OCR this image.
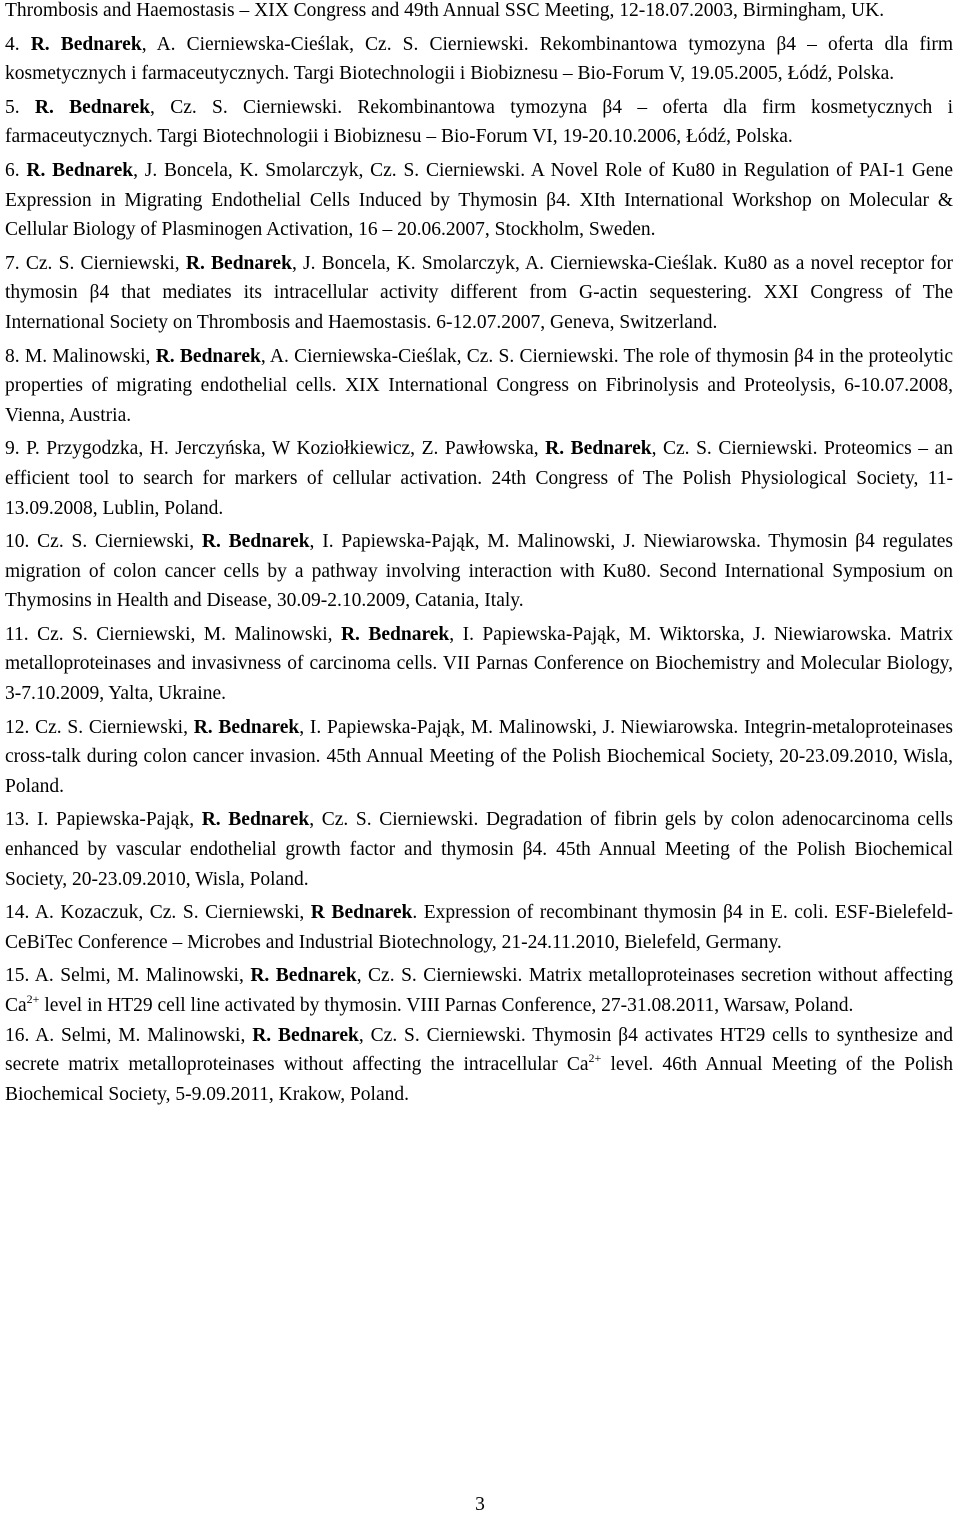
Thrombosis and Haemostasis – XIX Congress and 49th Annual SSC Meeting, 12-18.07.2003, Birmingham, UK.

4. R. Bednarek, A. Cierniewska-Cieślak, Cz. S. Cierniewski. Rekombinantowa tymozyna β4 – oferta dla firm kosmetycznych i farmaceutycznych. Targi Biotechnologii i Biobiznesu – Bio-Forum V, 19.05.2005, Łódź, Polska.

5. R. Bednarek, Cz. S. Cierniewski. Rekombinantowa tymozyna β4 – oferta dla firm kosmetycznych i farmaceutycznych. Targi Biotechnologii i Biobiznesu – Bio-Forum VI, 19-20.10.2006, Łódź, Polska.

6. R. Bednarek, J. Boncela, K. Smolarczyk, Cz. S. Cierniewski. A Novel Role of Ku80 in Regulation of PAI-1 Gene Expression in Migrating Endothelial Cells Induced by Thymosin β4. XIth International Workshop on Molecular & Cellular Biology of Plasminogen Activation, 16 – 20.06.2007, Stockholm, Sweden.

7. Cz. S. Cierniewski, R. Bednarek, J. Boncela, K. Smolarczyk, A. Cierniewska-Cieślak. Ku80 as a novel receptor for thymosin β4 that mediates its intracellular activity different from G-actin sequestering. XXI Congress of The International Society on Thrombosis and Haemostasis. 6-12.07.2007, Geneva, Switzerland.

8. M. Malinowski, R. Bednarek, A. Cierniewska-Cieślak, Cz. S. Cierniewski. The role of thymosin β4 in the proteolytic properties of migrating endothelial cells. XIX International Congress on Fibrinolysis and Proteolysis, 6-10.07.2008, Vienna, Austria.

9. P. Przygodzka, H. Jerczyńska, W Koziołkiewicz, Z. Pawłowska, R. Bednarek, Cz. S. Cierniewski. Proteomics – an efficient tool to search for markers of cellular activation. 24th Congress of The Polish Physiological Society, 11-13.09.2008, Lublin, Poland.

10. Cz. S. Cierniewski, R. Bednarek, I. Papiewska-Pająk, M. Malinowski, J. Niewiarowska. Thymosin β4 regulates migration of colon cancer cells by a pathway involving interaction with Ku80. Second International Symposium on Thymosins in Health and Disease, 30.09-2.10.2009, Catania, Italy.

11. Cz. S. Cierniewski, M. Malinowski, R. Bednarek, I. Papiewska-Pająk, M. Wiktorska, J. Niewiarowska. Matrix metalloproteinases and invasivness of carcinoma cells. VII Parnas Conference on Biochemistry and Molecular Biology, 3-7.10.2009, Yalta, Ukraine.

12. Cz. S. Cierniewski, R. Bednarek, I. Papiewska-Pająk, M. Malinowski, J. Niewiarowska. Integrin-metaloproteinases cross-talk during colon cancer invasion. 45th Annual Meeting of the Polish Biochemical Society, 20-23.09.2010, Wisla, Poland.

13. I. Papiewska-Pająk, R. Bednarek, Cz. S. Cierniewski. Degradation of fibrin gels by colon adenocarcinoma cells enhanced by vascular endothelial growth factor and thymosin β4. 45th Annual Meeting of the Polish Biochemical Society, 20-23.09.2010, Wisla, Poland.

14. A. Kozaczuk, Cz. S. Cierniewski, R Bednarek. Expression of recombinant thymosin β4 in E. coli. ESF-Bielefeld-CeBiTec Conference – Microbes and Industrial Biotechnology, 21-24.11.2010, Bielefeld, Germany.

15. A. Selmi, M. Malinowski, R. Bednarek, Cz. S. Cierniewski. Matrix metalloproteinases secretion without affecting $Ca^{2+}$ level in HT29 cell line activated by thymosin. VIII Parnas Conference, 27-31.08.2011, Warsaw, Poland.

16. A. Selmi, M. Malinowski, R. Bednarek, Cz. S. Cierniewski. Thymosin β4 activates HT29 cells to synthesize and secrete matrix metalloproteinases without affecting the intracellular $Ca^{2+}$ level. 46th Annual Meeting of the Polish Biochemical Society, 5-9.09.2011, Krakow, Poland.

3
